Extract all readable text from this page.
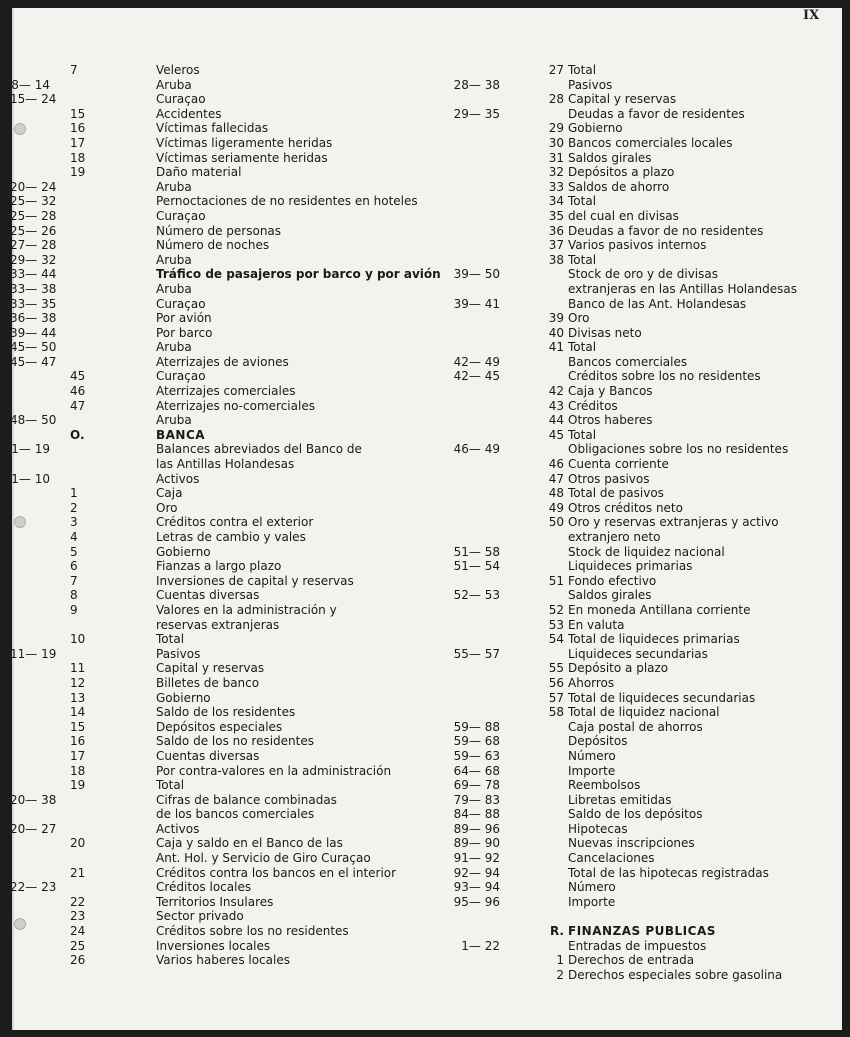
IX
7	Veleros
8— 14	Aruba
15— 24	Curaçao
15	Accidentes
16	Víctimas fallecidas
17	Víctimas ligeramente heridas
18	Víctimas seriamente heridas
19	Daño material
20— 24	Aruba
25— 32	Pernoctaciones de no residentes en hoteles
25— 28	Curaçao
25— 26	Número de personas
27— 28	Número de noches
29— 32	Aruba
33— 44	Tráfico de pasajeros por barco y por avión
33— 38	Aruba
33— 35	Curaçao
36— 38	Por avión
39— 44	Por barco
45— 50	Aruba
45— 47	Aterrizajes de aviones
45	Curaçao
46	Aterrizajes comerciales
47	Aterrizajes no-comerciales
48— 50	Aruba
O.	BANCA
1— 19	Balances abreviados del Banco de
las Antillas Holandesas
1— 10	Activos
1	Caja
2	Oro
3	Créditos contra el exterior
4	Letras de cambio y vales
5	Gobierno
6	Fianzas a largo plazo
7	Inversiones de capital y reservas
8	Cuentas diversas
9	Valores en la administración y
reservas extranjeras
10	Total
11— 19	Pasivos
11	Capital y reservas
12	Billetes de banco
13	Gobierno
14	Saldo de los residentes
15	Depósitos especiales
16	Saldo de los no residentes
17	Cuentas diversas
18	Por contra-valores en la administración
19	Total
20— 38	Cifras de balance combinadas
de los bancos comerciales
20— 27	Activos
20	Caja y saldo en el Banco de las
Ant. Hol. y Servicio de Giro Curaçao
21	Créditos contra los bancos en el interior
22— 23	Créditos locales
22	Territorios Insulares
23	Sector privado
24	Créditos sobre los no residentes
25	Inversiones locales
26	Varios haberes locales
27 Total
28— 38	Pasivos
28 Capital y reservas
29— 35	Deudas a favor de residentes
29 Gobierno
30 Bancos comerciales locales
31 Saldos girales
32 Depósitos a plazo
33 Saldos de ahorro
34 Total
35 del cual en divisas
36 Deudas a favor de no residentes
37 Varios pasivos internos
38 Total
39— 50	Stock de oro y de divisas
extranjeras en las Antillas Holandesas
39— 41	Banco de las Ant. Holandesas
39 Oro
40 Divisas neto
41 Total
42— 49	Bancos comerciales
42— 45	Créditos sobre los no residentes
42 Caja y Bancos
43 Créditos
44 Otros haberes
45 Total
46— 49	Obligaciones sobre los no residentes
46 Cuenta corriente
47 Otros pasivos
48 Total de pasivos
49 Otros créditos neto
50 Oro y reservas extranjeras y activo
extranjero neto
51— 58	Stock de liquidez nacional
51— 54	Liquideces primarias
51 Fondo efectivo
52— 53	Saldos girales
52 En moneda Antillana corriente
53 En valuta
54 Total de liquideces primarias
55— 57	Liquideces secundarias
55 Depósito a plazo
56 Ahorros
57 Total de liquideces secundarias
58 Total de liquidez nacional
59— 88	Caja postal de ahorros
59— 68	Depósitos
59— 63	Número
64— 68	Importe
69— 78	Reembolsos
79— 83	Libretas emitidas
84— 88	Saldo de los depósitos
89— 96	Hipotecas
89— 90	Nuevas inscripciones
91— 92	Cancelaciones
92— 94	Total de las hipotecas registradas
93— 94	Número
95— 96	Importe
R. FINANZAS PUBLICAS
1— 22	Entradas de impuestos
1 Derechos de entrada
2 Derechos especiales sobre gasolina
